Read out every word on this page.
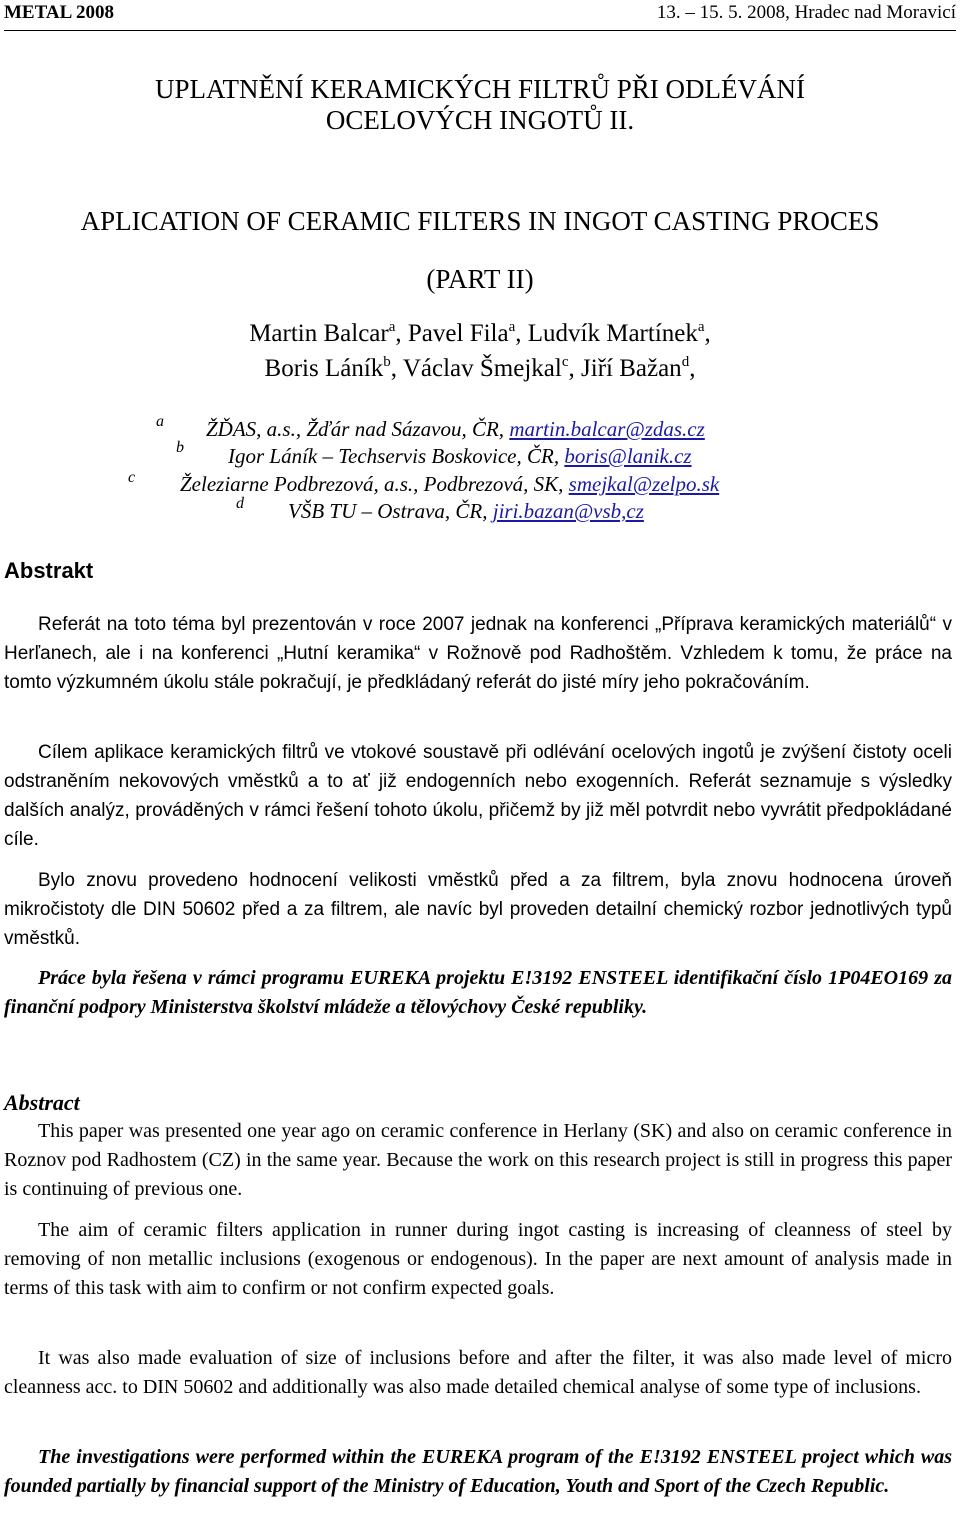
METAL 2008	13. – 15. 5. 2008, Hradec nad Moravicí
UPLATNĚNÍ KERAMICKÝCH FILTRŮ PŘI ODLÉVÁNÍ
OCELOVÝCH INGOTŮ II.
APLICATION OF CERAMIC FILTERS IN INGOT CASTING PROCES
(PART II)
Martin Balcar$^a$, Pavel Fila$^a$, Ludvík Martínek$^a$,
Boris Láník$^b$, Václav Šmejkal$^c$, Jiří Bažan$^d$,
a ŽĎAS, a.s., Žďár nad Sázavou, ČR, martin.balcar@zdas.cz
b Igor Láník – Techservis Boskovice, ČR, boris@lanik.cz
c Železiarne Podbrezová, a.s., Podbrezová, SK, smejkal@zelpo.sk
d VŠB TU – Ostrava, ČR, jiri.bazan@vsb,cz
Abstrakt
Referát na toto téma byl prezentován v roce 2007 jednak na konferenci „Příprava keramických materiálů“ v Herľanech, ale i na konferenci „Hutní keramika“ v Rožnově pod Radhoštěm. Vzhledem k tomu, že práce na tomto výzkumném úkolu stále pokračují, je předkládaný referát do jisté míry jeho pokračováním.
Cílem aplikace keramických filtrů ve vtokové soustavě při odlévání ocelových ingotů je zvýšení čistoty oceli odstraněním nekovových vměstků a to ať již endogenních nebo exogenních. Referát seznamuje s výsledky dalších analýz, prováděných v rámci řešení tohoto úkolu, přičemž by již měl potvrdit nebo vyvrátit předpokládané cíle.
Bylo znovu provedeno hodnocení velikosti vměstků před a za filtrem, byla znovu hodnocena úroveň mikročistoty dle DIN 50602 před a za filtrem, ale navíc byl proveden detailní chemický rozbor jednotlivých typů vměstků.
Práce byla řešena v rámci programu EUREKA projektu E!3192 ENSTEEL identifikační číslo 1P04EO169 za finanční podpory Ministerstva školství mládeže a tělovýchovy České republiky.
Abstract
This paper was presented one year ago on ceramic conference in Herlany (SK) and also on ceramic conference in Roznov pod Radhostem (CZ) in the same year. Because the work on this research project is still in progress this paper is continuing of previous one.
The aim of ceramic filters application in runner during ingot casting is increasing of cleanness of steel by removing of non metallic inclusions (exogenous or endogenous). In the paper are next amount of analysis made in terms of this task with aim to confirm or not confirm expected goals.
It was also made evaluation of size of inclusions before and after the filter, it was also made level of micro cleanness acc. to DIN 50602 and additionally was also made detailed chemical analyse of some type of inclusions.
The investigations were performed within the EUREKA program of the E!3192 ENSTEEL project which was founded partially by financial support of the Ministry of Education, Youth and Sport of the Czech Republic.
